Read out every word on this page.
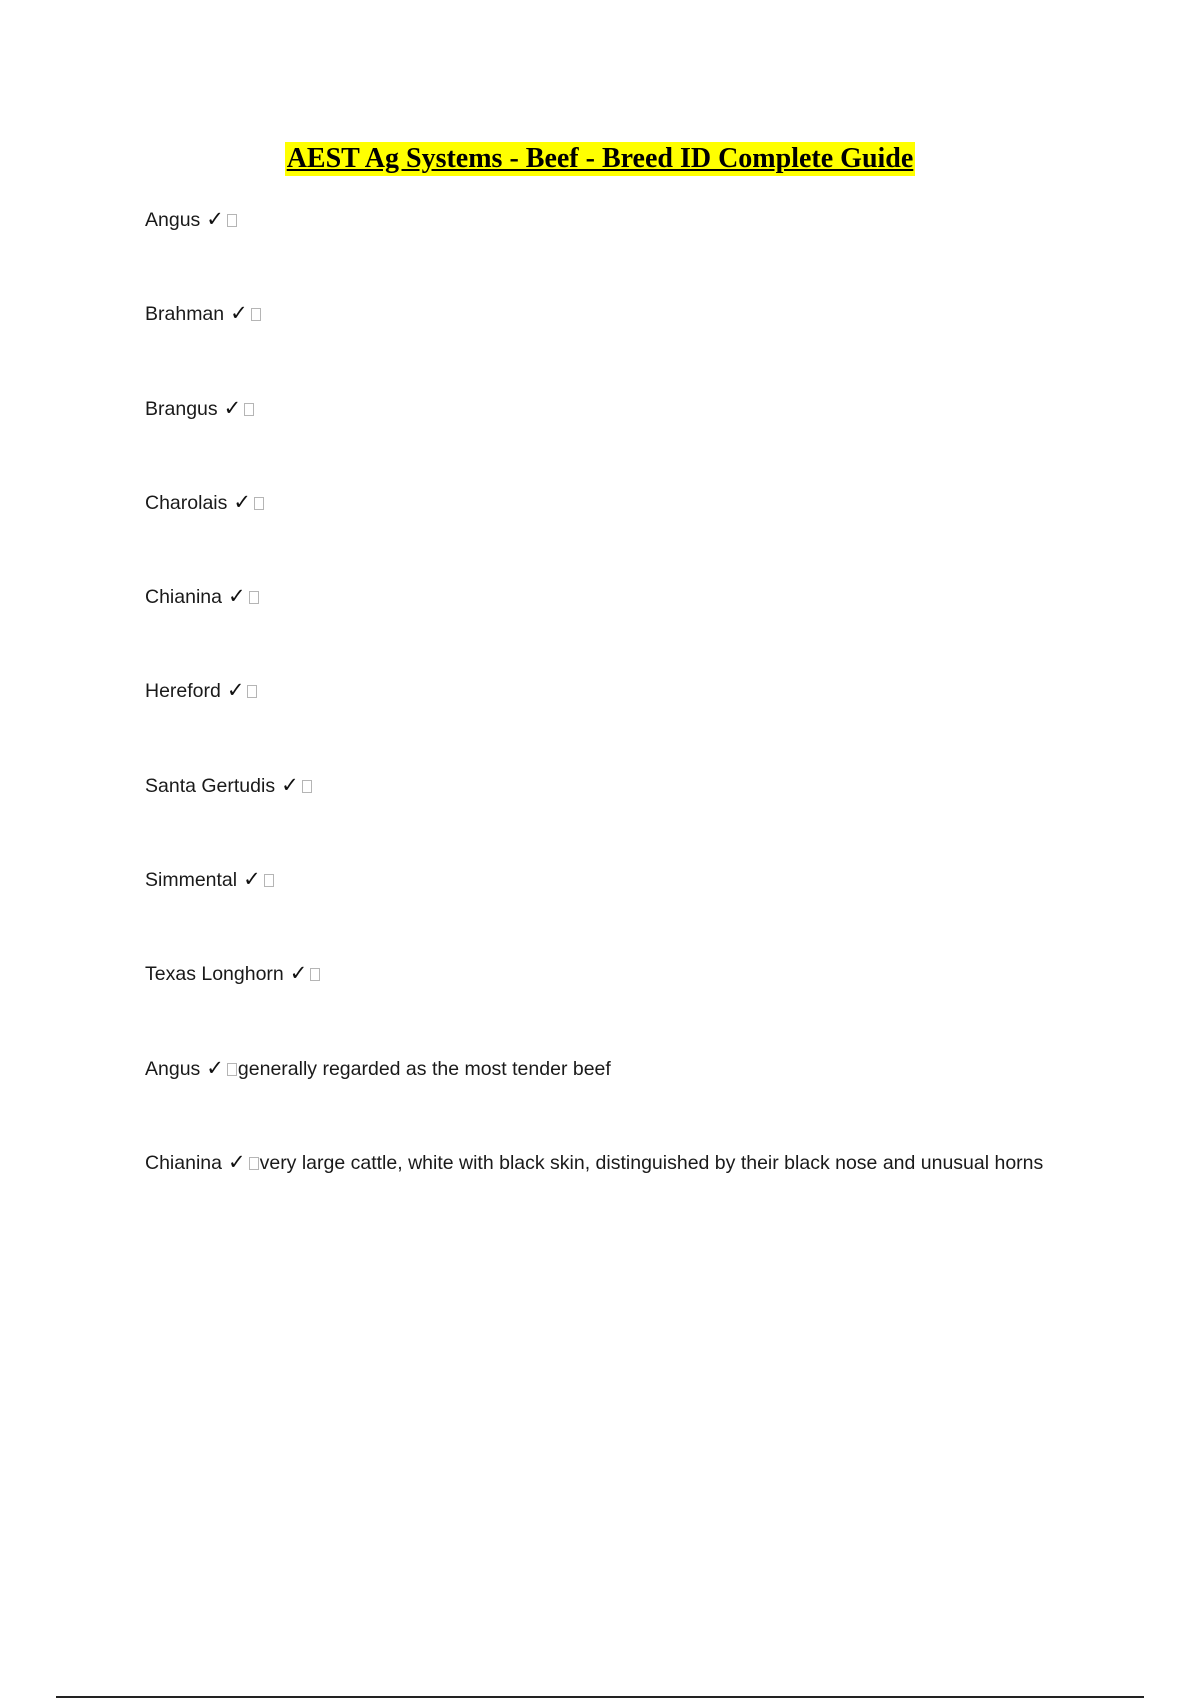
AEST Ag Systems - Beef - Breed ID Complete Guide
Angus ✓
Brahman ✓
Brangus ✓
Charolais ✓
Chianina ✓
Hereford ✓
Santa Gertudis ✓
Simmental ✓
Texas Longhorn ✓
Angus ✓ generally regarded as the most tender beef
Chianina ✓ very large cattle, white with black skin, distinguished by their black nose and unusual horns
